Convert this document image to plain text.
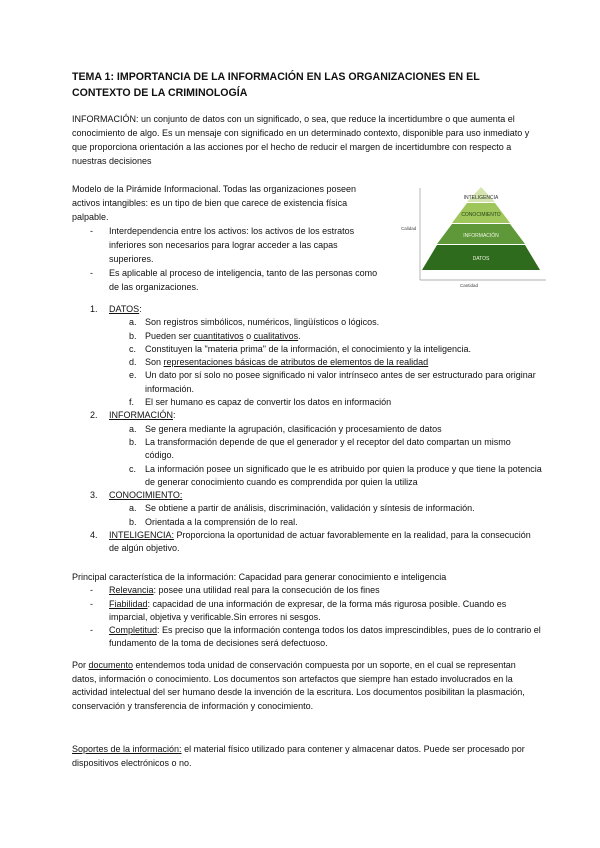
TEMA 1: IMPORTANCIA DE LA INFORMACIÓN EN LAS ORGANIZACIONES EN EL CONTEXTO DE LA CRIMINOLOGÍA
INFORMACIÓN: un conjunto de datos con un significado, o sea, que reduce la incertidumbre o que aumenta el conocimiento de algo. Es un mensaje con significado en un determinado contexto, disponible para uso inmediato y que proporciona orientación a las acciones por el hecho de reducir el margen de incertidumbre con respecto a nuestras decisiones
Modelo de la Pirámide Informacional. Todas las organizaciones poseen activos intangibles: es un tipo de bien que carece de existencia física palpable.
- Interdependencia entre los activos: los activos de los estratos inferiores son necesarios para lograr acceder a las capas superiores.
- Es aplicable al proceso de inteligencia, tanto de las personas como de las organizaciones.
Calidad
Cantidad
INTELIGENCIA
CONOCIMIENTO
INFORMACIÓN
DATOS
1. DATOS:
a. Son registros simbólicos, numéricos, lingüísticos o lógicos.
b. Pueden ser cuantitativos o cualitativos.
c. Constituyen la "materia prima" de la información, el conocimiento y la inteligencia.
d. Son representaciones básicas de atributos de elementos de la realidad
e. Un dato por sí solo no posee significado ni valor intrínseco antes de ser estructurado para originar información.
f. El ser humano es capaz de convertir los datos en información
2. INFORMACIÓN:
a. Se genera mediante la agrupación, clasificación y procesamiento de datos
b. La transformación depende de que el generador y el receptor del dato compartan un mismo código.
c. La información posee un significado que le es atribuido por quien la produce y que tiene la potencia de generar conocimiento cuando es comprendida por quien la utiliza
3. CONOCIMIENTO:
a. Se obtiene a partir de análisis, discriminación, validación y síntesis de información.
b. Orientada a la comprensión de lo real.
4. INTELIGENCIA: Proporciona la oportunidad de actuar favorablemente en la realidad, para la consecución de algún objetivo.
Principal característica de la información: Capacidad para generar conocimiento e inteligencia
- Relevancia: posee una utilidad real para la consecución de los fines
- Fiabilidad: capacidad de una información de expresar, de la forma más rigurosa posible. Cuando es imparcial, objetiva y verificable.Sin errores ni sesgos.
- Completitud: Es preciso que la información contenga todos los datos imprescindibles, pues de lo contrario el fundamento de la toma de decisiones será defectuoso.
Por documento entendemos toda unidad de conservación compuesta por un soporte, en el cual se representan datos, información o conocimiento. Los documentos son artefactos que siempre han estado involucrados en la actividad intelectual del ser humano desde la invención de la escritura. Los documentos posibilitan la plasmación, conservación y transferencia de información y conocimiento.
Soportes de la información: el material físico utilizado para contener y almacenar datos. Puede ser procesado por dispositivos electrónicos o no.
